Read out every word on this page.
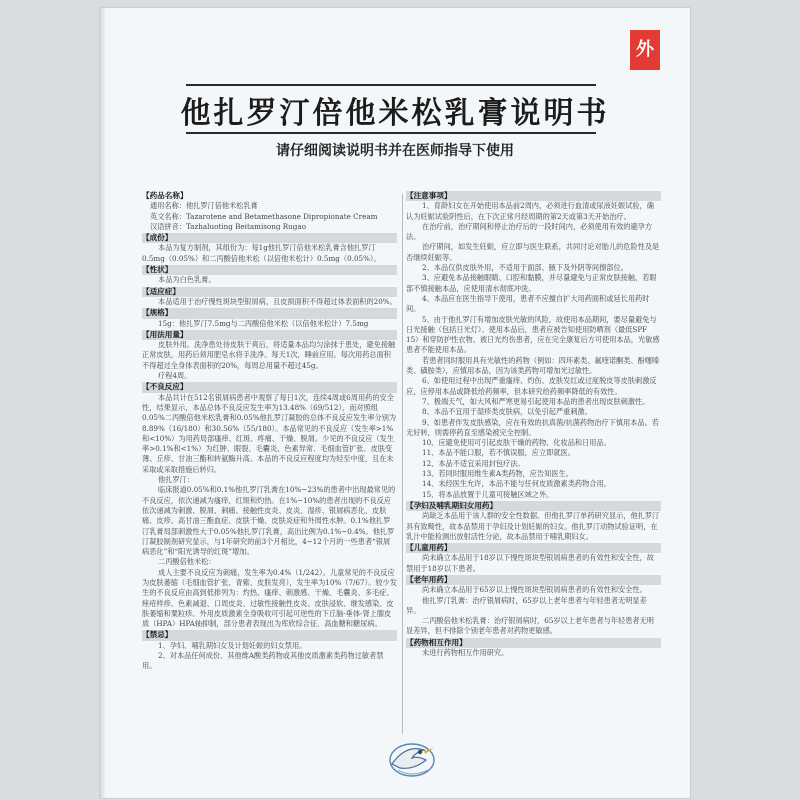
外
他扎罗汀倍他米松乳膏说明书
请仔细阅读说明书并在医师指导下使用
【药品名称】

通用名称：他扎罗汀倍他米松乳膏

英文名称：Tazarotene and Betamethasone Dipropionate Cream

汉语拼音：Tazhaluoting Beitamisong Rugao

【成份】

本品为复方制剂，其组份为：每1g他扎罗汀倍他米松乳膏含他扎罗汀0.5mg（0.05%）和二丙酸倍他米松（以倍他米松计）0.5mg（0.05%）。

【性状】

本品为白色乳膏。

【适应症】

本品适用于治疗慢性斑块型银屑病，且皮损面积不得超过体表面积的20%。

【规格】

15g：他扎罗汀7.5mg与二丙酸倍他米松（以倍他米松计）7.5mg

【用法用量】

皮肤外用。洗净患处待皮肤干爽后，将适量本品均匀涂抹于患处，避免接触正常皮肤，用药后须用肥皂水将手洗净。每天1次，睡前应用。每次用药总面积不得超过全身体表面积的20%，每周总用量不超过45g。

疗程4周。

【不良反应】

本品共计在512名银屑病患者中观察了每日1次，连续4周或6周用药的安全性，结果显示，本品总体不良反应发生率为13.48%（69/512），而对照组0.05%二丙酸倍他米松乳膏和0.05%他扎罗汀凝胶的总体不良反应发生率分别为8.89%（16/180）和30.56%（55/180）。本品常见的不良反应（发生率>1%和<10%）为用药局部瘙痒、红斑、疼痛、干燥、脱屑。少见的不良反应（发生率>0.1%和<1%）为红肿、眼裂、毛囊炎、色素异常、毛细血管扩张、皮肤变薄、丘疹、甘油三酯和转氨酶升高。本品的不良反应程度均为轻至中度，且在未采取或采取措施后转归。

他扎罗汀：

临床报道0.05%和0.1%他扎罗汀乳膏在10%~23%的患者中出现最常见的不良反应，依次递减为瘙痒、红斑和灼热。在1%~10%的患者出现的不良反应依次递减为刺激、脱屑、刺痛、接触性皮炎、皮炎、湿疹、银屑病恶化、皮肤痛、皮疹、高甘油三酯血症、皮肤干燥、皮肤炎症和外周性水肿。0.1%他扎罗汀乳膏局部刺激性大于0.05%他扎罗汀乳膏，高出比例为0.1%~0.4%。他扎罗汀凝胶制剂研究显示，与1年研究的前3个月相比，4~12个月的一些患者“银屑病恶化”和“阳光诱导的红斑”增加。

二丙酸倍他米松：

成人主要不良反应为刺痛，发生率为0.4%（1/242）。儿童常见的不良反应为皮肤萎缩（毛细血管扩张、青紫、皮肤发亮），发生率为10%（7/67）。较少发生的不良反应由高到低排列为：灼热、瘙痒、刺激感、干燥、毛囊炎、多毛症、痤疮样疹、色素减退、口周皮炎、过敏性接触性皮炎、皮肤浸软、继发感染、皮肤萎缩和粟粒疹。外用皮质激素全身吸收可引起可逆性的下丘脑-垂体-肾上腺皮质（HPA）HPA轴抑制，部分患者表现出为库欣综合征、高血糖和糖尿病。

【禁忌】

1、孕妇、哺乳期妇女及计划妊娠的妇女禁用。

2、对本品任何成份、其他维A酸类药物或其他皮质激素类药物过敏者禁用。

【注意事项】

1、育龄妇女在开始使用本品前2周内，必须进行血清或尿液妊娠试验，确认为妊娠试验阴性后，在下次正常月经周期的第2天或第3天开始治疗。

在治疗前，治疗期间和停止治疗后的一段时间内，必须使用有效的避孕方法。

治疗期间，如发生妊娠，应立即与医生联系，共同讨论对胎儿的危险性及是否继续妊娠等。

2、本品仅供皮肤外用，不适用于面部、腋下及外阴等间擦部位。

3、应避免本品接触眼睛、口腔和黏膜，并尽量避免与正常皮肤接触，若眼部不慎接触本品，应使用清水彻底冲洗。

4、本品应在医生指导下使用，患者不应擅自扩大用药面积或延长用药时间。

5、由于他扎罗汀有增加皮肤光敏的风险，故使用本品期间，要尽量避免与日光接触（包括日光灯）。使用本品后，患者应被告知使用防晒剂（最低SPF 15）和穿防护性衣物。被日光灼伤患者，应在完全康复后方可使用本品，光敏感患者不能使用本品。

若患者同时服用具有光敏性的药物（例如：四环素类、氟喹诺酮类、酚噻嗪类、磺胺类），应慎用本品，因为该类药物可增加光过敏性。

6、如使用过程中出现严重瘙痒、灼伤、皮肤发红或过度脱皮等皮肤刺激反应，应停用本品或降低给药频率，但本研究给药频率降低的有效性。

7、极端天气，如大风和严寒更易引起使用本品的患者出现皮肤刺激性。

8、本品不宜用于湿疹类皮肤病，以免引起严重刺激。

9、如患者伴发皮肤感染，应在有效的抗真菌/抗菌药物治疗下慎用本品。若无好转，则需停药直至感染被完全控制。

10、应避免使用可引起皮肤干燥的药物、化妆品和日用品。

11、本品不能口服，若不慎误服，应立即就医。

12、本品不适宜采用封包疗法。

13、若同时服用维生素A类药物，应告知医生。

14、未经医生允许，本品不能与任何皮质激素类药物合用。

15、将本品放置于儿童可接触区域之外。

【孕妇及哺乳期妇女用药】

尚缺乏本品用于该人群的安全性数据。但他扎罗汀单药研究显示，他扎罗汀具有致畸性，故本品禁用于孕妇及计划妊娠的妇女。他扎罗汀动物试验证明，在乳汁中能检测出放射活性分泌，故本品禁用于哺乳期妇女。

【儿童用药】

尚未确立本品用于18岁以下慢性斑块型银屑病患者的有效性和安全性，故禁用于18岁以下患者。

【老年用药】

尚未确立本品用于65岁以上慢性斑块型银屑病患者的有效性和安全性。

他扎罗汀乳膏：治疗银屑病时，65岁以上老年患者与年轻患者无明显差异。

二丙酸倍他米松乳膏：治疗银屑病时，65岁以上老年患者与年轻患者无明显差异，但不排除个别老年患者对药物更敏感。

【药物相互作用】

未进行药物相互作用研究。
